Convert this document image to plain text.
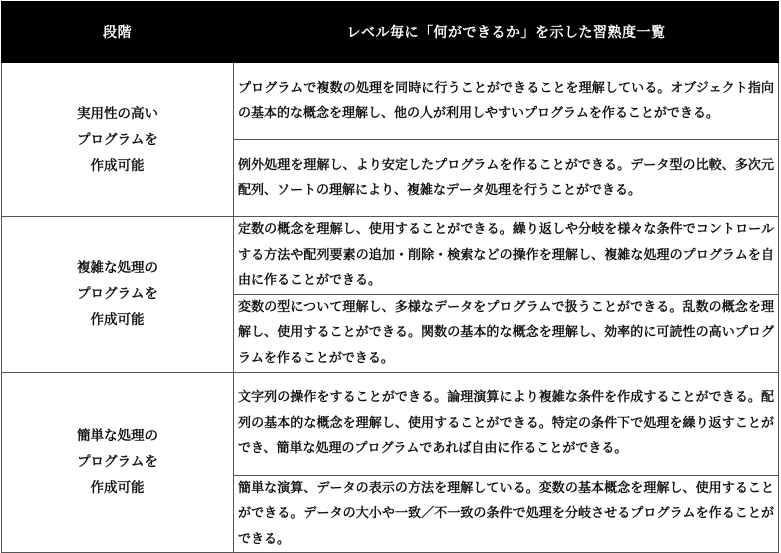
段階		レベル毎に「何ができるか」を示した習熟度一覧

実用性の高い
プログラムを
作成可能		プログラムで複数の処理を同時に行うことができることを理解している。オブジェクト指向の基本的な概念を理解し、他の人が利用しやすいプログラムを作ることができる。
	例外処理を理解し、より安定したプログラムを作ることができる。データ型の比較、多次元配列、ソートの理解により、複雑なデータ処理を行うことができる。

複雑な処理の
プログラムを
作成可能		定数の概念を理解し、使用することができる。繰り返しや分岐を様々な条件でコントロールする方法や配列要素の追加・削除・検索などの操作を理解し、複雑な処理のプログラムを自由に作ることができる。
	変数の型について理解し、多様なデータをプログラムで扱うことができる。乱数の概念を理解し、使用することができる。関数の基本的な概念を理解し、効率的に可読性の高いプログラムを作ることができる。

簡単な処理の
プログラムを
作成可能		文字列の操作をすることができる。論理演算により複雑な条件を作成することができる。配列の基本的な概念を理解し、使用することができる。特定の条件下で処理を繰り返すことができ、簡単な処理のプログラムであれば自由に作ることができる。
	簡単な演算、データの表示の方法を理解している。変数の基本概念を理解し、使用することができる。データの大小や一致／不一致の条件で処理を分岐させるプログラムを作ることができる。
